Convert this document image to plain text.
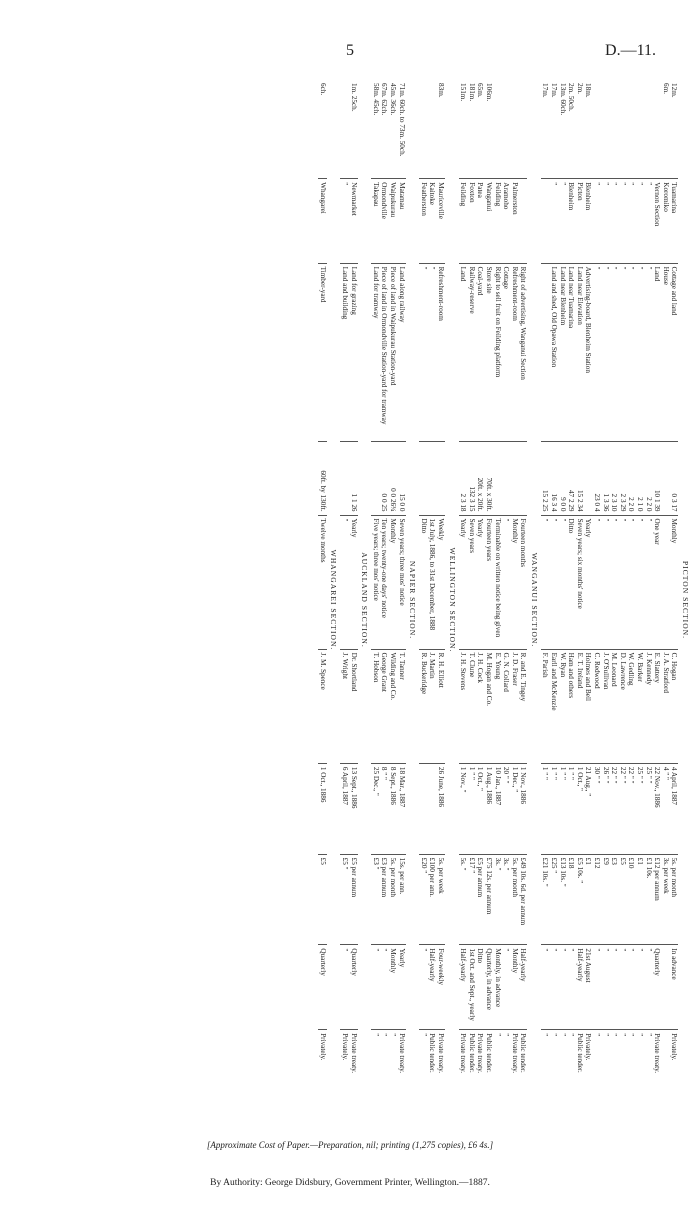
5	D.—11.
PICTON SECTION.									
12m.	Tuamarina	Cottage and land	0 3 17	Monthly	C. Hogan	4 April, 1887	5s. per month	In advance	Privately.
6m.	Koromiko	House			J. A. Stratford	4 " "	3s. per week		
	Vernon Section	Land	10 1 39	One year	E. Slattery	22 Nov., 1886	£12 per annum	Quarterly	Private treaty.
	"	"	2 2 0	"	J. Kennedy	25 " "	£1 10s.	"	"
	"	"	2 1 0	"	W. Barker	25 " "	£1	"	"
	"	"	2 2 0	"	W. Gedling	22 " "	£10	"	"
	"	"	2 3 29	"	D. Lawrence	22 " "	£5	"	"
	"	"	2 3 10	"	M. Leonard	22 " "	£3	"	"
	"	"	1 3 36	"	J. O'Sullivan	26 " "	£9	"	"
	"	"	23 0 4	"	C. Redwood	30 " "	£12	"	"
18m.	Blenheim	Advertising-board, Blenheim Station		Yearly	Holmes and Bell	21 Aug., "	£1	21st August	Privately.
2m.	Picton	Land near Elevation	15 2 34	Seven years; six months' notice	E. T. Ireland	1 Oct., "	£5 10s. "	Half-yearly	Public tender.
2m. 50ch.	Blenheim	Land near Tuamarina	47 2 29	Ditto	Ham and others	1 " "	£18	"	"
13m. 60ch.	"	Land near Blenheim	9 0 0	"	W. Ryan	1 " "	£13 10s. "	"	"
17m.	"	Land and shed, Old Opawa Station	16 3 4	"	Earll and McKenzie	1 " "	£25 "	"	"
17m.			15 2 25	"	F. Parish	1 " "	£21 10s. "	"	"
WANGANUI SECTION.									
		Right of advertising, Wanganui Section		Fourteen months	R. and E. Tingey	1 Nov., 1886	£49 10s. 6d. per annum	Half-yearly	Public tender.
	Palmerston	Refreshment-room		Monthly	J. D. Fraser	1 Dec., "	5s. per month	Monthly	Private treaty.
	Aramoho	Cottage		"	G. N. Collard	20 " "	3s. "	"	"
	Feilding	Right to sell fruit on Feilding platform		Terminable on written notice being given	E. Young	10 Jan., 1887	3s. "	Monthly, in advance	"
106m.	Wanganui	Store site	70ft. x 30ft.	Fourteen years	M. Hogan and Co.	1 Aug., 1886	£75 12s. per annum	Quarterly, in advance	Public tender.
65m.	Patea	Coal-yard	20ft. x 20ft.	Yearly	J. H. Cock	1 Oct., "	£5 per annum	Ditto	Private treaty.
181m.	Foxton	Railway-reserve	132 3 15	Seven years	T. Clune	1 " "	£17 "	1st Oct. and Sept., yearly	Public tender.
151m.	Feilding	Land	2 3 18	Yearly	J. H. Stevens	1 Nov., "	5s. "	Half-yearly	Private treaty.
WELLINGTON SECTION.									
83m.	Mauriceville	Refreshment-room		Weekly	R. H. Elliott	26 June, 1886	5s. per week	Four-weekly	Private treaty.
	Kaitoke	"		1st July, 1886, to 31st December, 1888	J. Martin		£100 per ann.	Half-yearly	Public tender.
	Featherston	"		Ditto	R. Buckeridge		£20 "	"	"
NAPIER SECTION.									
71m. 60ch. to 73m. 50ch.	Matamau	Land along railway	15 0 0	Seven years; three mos' notice	T. Tanner	18 Mar., 1887	15s. per ann.	Yearly	Private treaty.
45m. 36ch.	Waipukurau	Piece of land in Waipukurau Station-yard	0 0 26¾	Monthly	Wilding and Co.	8 Sept., 1886	5s. per month	Monthly	"
67m. 62ch.	Ormondville	Piece of land in Ormondville Station-yard for tramway	0 0 25	Ten years; twenty-one days' notice	George Grant	8 " "	£3 per annum	"	"
58m. 45ch.	Takapau	Land for tramway		Five years; three mos' notice	T. Hobson	25 Dec., "	£3 "	"	"
AUCKLAND SECTION.									
1m. 25ch.	Newmarket	Land for grazing	1 1 26	Yearly	Dr. Shortland	13 Sept., 1886	£5 per annum	Quarterly	Private treaty.
	"	Land and building		"	J. Wright	6 April, 1887	£5 "	"	Privately.
WHANGAREI SECTION.									
6ch.	Whangarei	Timber-yard	60ft. by 130ft.	Twelve months	J. M. Spence	1 Oct., 1886	£5	Quarterly	Privately.
[Approximate Cost of Paper.—Preparation, nil; printing (1,275 copies), £6 4s.]
By Authority: George Didsbury, Government Printer, Wellington.—1887.
